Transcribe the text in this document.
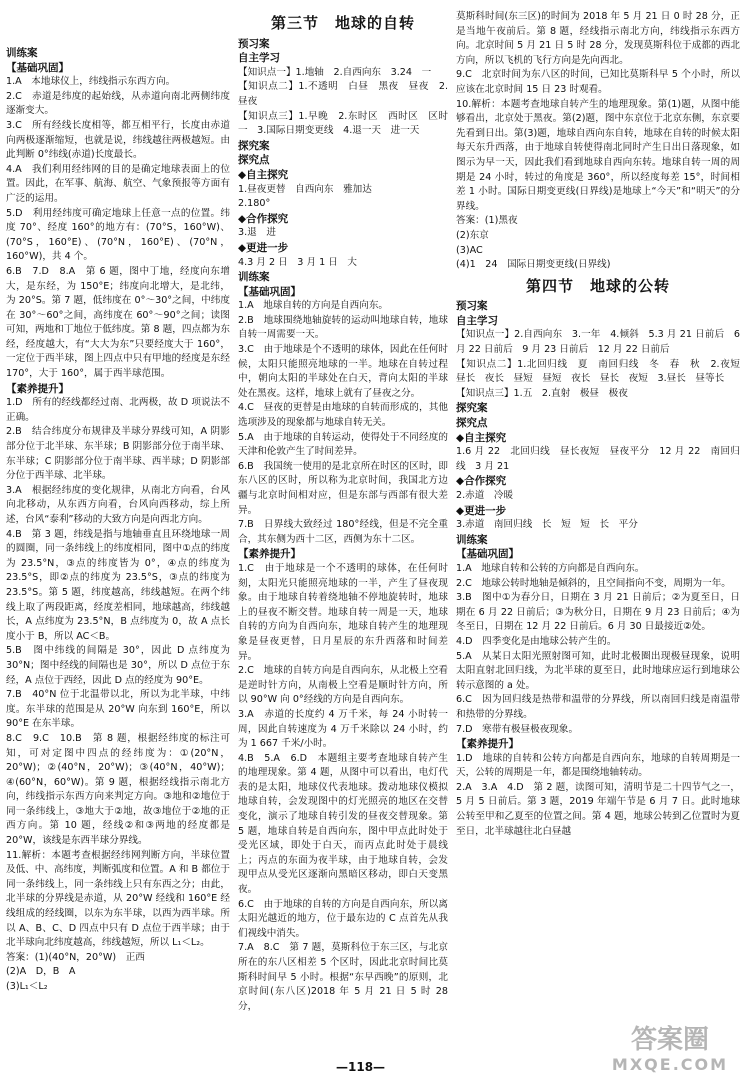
训练案

【基础巩固】

1.A　本地球仪上，纬线指示东西方向。

2.C　赤道是纬度的起始线，从赤道向南北两侧纬度逐渐变大。

3.C　所有经线长度相等，都互相平行，长度由赤道向两极逐渐缩短，也就是说，纬线越往两极越短。由此判断 0°纬线(赤道)长度最长。

4.A　我们利用经纬网的目的是确定地球表面上的位置。因此，在军事、航海、航空、气象预报等方面有广泛的运用。

5.D　利用经纬度可确定地球上任意一点的位置。纬度 70°、经度 160°的地方有：(70°S，160°W)、(70°S，160°E)、(70°N，160°E)、(70°N，160°W)，共 4 个。

6.B　7.D　8.A　第 6 题，图中丁地，经度向东增大，是东经，为 150°E；纬度向北增大，是北纬，为 20°S。第 7 题，低纬度在 0°～30°之间，中纬度在 30°～60°之间，高纬度在 60°～90°之间；读图可知，两地和丁地位于低纬度。第 8 题，四点都为东经，经度越大，有“大大为东”只要经度大于 160°，一定位于西半球，图上四点中只有甲地的经度是东经 170°，大于 160°，属于西半球范围。

【素养提升】

1.D　所有的经线都经过南、北两极，故 D 项说法不正确。

2.B　结合纬度分布规律及半球分界线可知，A 阴影部分位于北半球、东半球；B 阴影部分位于南半球、东半球；C 阴影部分位于南半球、西半球；D 阴影部分位于西半球、北半球。

3.A　根据经纬度的变化规律，从南北方向看，台风向北移动，从东西方向看，台风向西移动，综上所述，台风“泰利”移动的大致方向是向西北方向。

4.B　第 3 题，纬线是指与地轴垂直且环绕地球一周的圆圈，同一条纬线上的纬度相同，图中①点的纬度为 23.5°N，③点的纬度皆为 0°，④点的纬度为 23.5°S，即②点的纬度为 23.5°S，③点的纬度为 23.5°S。第 5 题，纬度越高，纬线越短。在两个纬线上取了两段距离，经度差相同，地球越高，纬线越长，A 点纬度为 23.5°N，B 点纬度为 0，故 A 点长度小于 B，所以 AC＜B。

5.B　图中纬线的间隔是 30°，因此 D 点纬度为 30°N；图中经线的间隔也是 30°，所以 D 点位于东经，A 点位于西经，因此 D 点的经度为 90°E。

7.B　40°N 位于北温带以北，所以为北半球，中纬度。东半球的范围是从 20°W 向东到 160°E，所以 90°E 在东半球。

8.C　9.C　10.B　第 8 题，根据经纬度的标注可知，可对定图中四点的经纬度为：①(20°N，20°W)；②(40°N，20°W)；③(40°N，40°W)；④(60°N，60°W)。第 9 题，根据经线指示南北方向，纬线指示东西方向来判定方向。③地和②地位于同一条纬线上，③地大于②地，故③地位于②地的正西方向。第 10 题，经线②和③两地的经度都是 20°W，该线是东西半球分界线。

11.解析：本题考查根据经纬网判断方向，半球位置及低、中、高纬度，判断弧度和位置。A 和 B 都位于同一条纬线上，同一条纬线上只有东西之分；由此，北半球的分界线是赤道，从 20°W 经线和 160°E 经线组成的经线圈，以东为东半球，以西为西半球。所以 A、B、C、D 四点中只有 D 点位于西半球；由于北半球向北纬度越高，纬线越短，所以 L₁＜L₂。

答案：(1)(40°N，20°W)　正西

(2)A　D，B　A

(3)L₁＜L₂

第三节　地球的自转

预习案

自主学习

【知识点一】1.地轴　2.自西向东　3.24　一

【知识点二】1.不透明　白昼　黑夜　昼夜　2.昼夜

【知识点三】1.早晚　2.东时区　西时区　区时　一　3.国际日期变更线　4.退一天　进一天

探究案

探究点

◆自主探究

1.昼夜更替　自西向东　雅加达

2.180°

◆合作探究

3.退　进

◆更进一步

4.3 月 2 日　3 月 1 日　大

训练案

【基础巩固】

1.A　地球自转的方向是自西向东。

2.B　地球围绕地轴旋转的运动叫地球自转，地球自转一周需要一天。

3.C　由于地球是个不透明的球体，因此在任何时候，太阳只能照亮地球的一半。地球在自转过程中，朝向太阳的半球处在白天，背向太阳的半球处在黑夜。这样，地球上就有了昼夜之分。

4.C　昼夜的更替是由地球的自转而形成的，其他选项涉及的现象都与地球自转无关。

5.A　由于地球的自转运动，使得处于不同经度的天津和伦敦产生了时间差异。

6.B　我国统一使用的是北京所在时区的区时，即东八区的区时，所以称为北京时间，我国北方边疆与北京时间相对应，但是东部与西部有很大差异。

7.B　日界线大致经过 180°经线，但是不完全重合，其东侧为西十二区，西侧为东十二区。

【素养提升】

1.C　由于地球是一个不透明的球体，在任何时刻，太阳光只能照亮地球的一半，产生了昼夜现象。由于地球自转着绕地轴不停地旋转时，地球上的昼夜不断交替。地球自转一周是一天，地球自转的方向为自西向东，地球自转产生的地理现象是昼夜更替，日月星辰的东升西落和时间差异。

2.C　地球的自转方向是自西向东，从北极上空看是逆时针方向，从南极上空看是顺时针方向，所以 90°W 向 0°经线的方向是自西向东。

3.A　赤道的长度约 4 万千米，每 24 小时转一周，因此自转速度为 4 万千米除以 24 小时，约为 1 667 千米/小时。

4.B　5.A　6.D　本题组主要考查地球自转产生的地理现象。第 4 题，从图中可以看出，电灯代表的是太阳，地球仪代表地球。拨动地球仪模拟地球自转，会发现图中的灯光照亮的地区在交替变化，演示了地球自转引发的昼夜交替现象。第 5 题，地球自转是自西向东，图中甲点此时处于受光区域，即处于白天，而丙点此时处于晨线上；丙点的东面为夜半球，由于地球自转，会发现甲点从受光区逐渐向黑暗区移动，即白天变黑夜。

6.C　由于地球的自转的方向是自西向东，所以离太阳光越近的地方，位于最东边的 C 点首先从我们视线中消失。

7.A　8.C　第 7 题，莫斯科位于东三区，与北京所在的东八区相差 5 个区时，因此北京时间比莫斯科时间早 5 小时。根据“东早西晚”的原则，北京时间(东八区)2018 年 5 月 21 日 5 时 28 分，

莫斯科时间(东三区)的时间为 2018 年 5 月 21 日 0 时 28 分，正是当地午夜前后。第 8 题，经线指示南北方向，纬线指示东西方向。北京时间 5 月 21 日 5 时 28 分，发现莫斯科位于成都的西北方向，所以飞机的飞行方向是先向西北。

9.C　北京时间为东八区的时间，已知比莫斯科早 5 个小时，所以应该在北京时间 15 日 23 时观看。

10.解析：本题考查地球自转产生的地理现象。第(1)题，从图中能够看出，北京处于黑夜。第(2)题，图中东京位于北京东侧，东京要先看到日出。第(3)题，地球自西向东自转，地球在自转的时候太阳每天东升西落，由于地球自转使得南北同时产生日出日落现象，如图示为早一天，因此我们看到地球自西向东转。地球自转一周的周期是 24 小时，转过的角度是 360°，所以经度每差 15°，时间相差 1 小时。国际日期变更线(日界线)是地球上“今天”和“明天”的分界线。

答案：(1)黑夜

(2)东京

(3)AC

(4)1　24　国际日期变更线(日界线)

第四节　地球的公转

预习案

自主学习

【知识点一】2.自西向东　3.一年　4.倾斜　5.3 月 21 日前后　6 月 22 日前后　9 月 23 日前后　12 月 22 日前后

【知识点二】1.北回归线　夏　南回归线　冬　春　秋　2.夜短　昼长　夜长　昼短　昼短　夜长　昼长　夜短　3.昼长　昼等长

【知识点三】1.五　2.直射　极昼　极夜

探究案

探究点

◆自主探究

1.6 月 22　北回归线　昼长夜短　昼夜平分　12 月 22　南回归线　3 月 21

◆合作探究

2.赤道　冷暖

◆更进一步

3.赤道　南回归线　长　短　短　长　平分

训练案

【基础巩固】

1.A　地球自转和公转的方向都是自西向东。

2.C　地球公转时地轴是倾斜的，且空间指向不变，周期为一年。

3.B　图中①为春分日，日期在 3 月 21 日前后；②为夏至日，日期在 6 月 22 日前后；③为秋分日，日期在 9 月 23 日前后；④为冬至日，日期在 12 月 22 日前后。6 月 30 日最接近②处。

4.D　四季变化是由地球公转产生的。

5.A　从某日太阳光照射图可知，此时北极圈出现极昼现象，说明太阳直射北回归线，为北半球的夏至日，此时地球应运行到地球公转示意图的 a 处。

6.C　因为回归线是热带和温带的分界线，所以南回归线是南温带和热带的分界线。

7.D　寒带有极昼极夜现象。

【素养提升】

1.D　地球的自转和公转方向都是自西向东，地球的自转周期是一天，公转的周期是一年，都是围绕地轴转动。

2.A　3.A　4.D　第 2 题，读图可知，清明节是二十四节气之一，5 月 5 日前后。第 3 题，2019 年端午节是 6 月 7 日。此时地球公转至甲和乙夏至的位置之间。第 4 题，地球公转到乙位置时为夏至日，北半球越往北白昼越

—118—
答案圈
MXQE.COM
